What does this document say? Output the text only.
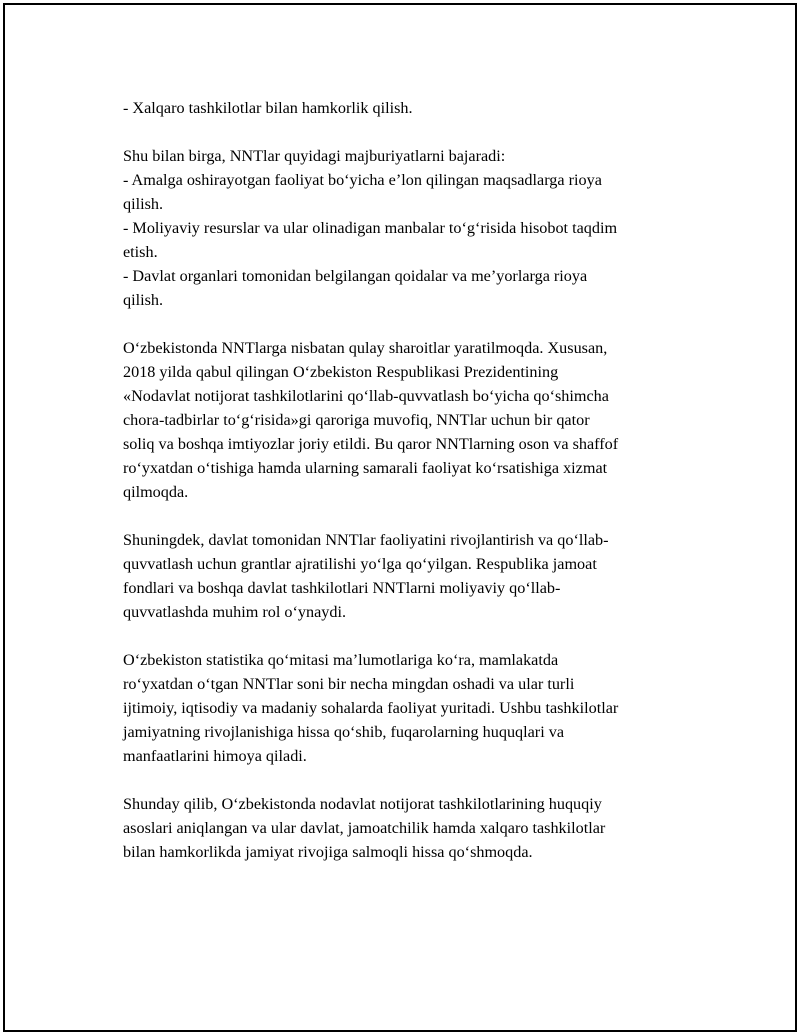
- Xalqaro tashkilotlar bilan hamkorlik qilish.
Shu bilan birga, NNTlar quyidagi majburiyatlarni bajaradi:
- Amalga oshirayotgan faoliyat bo‘yicha e’lon qilingan maqsadlarga rioya
qilish.
- Moliyaviy resurslar va ular olinadigan manbalar to‘g‘risida hisobot taqdim
etish.
- Davlat organlari tomonidan belgilangan qoidalar va me’yorlarga rioya
qilish.
O‘zbekistonda NNTlarga nisbatan qulay sharoitlar yaratilmoqda. Xususan,
2018 yilda qabul qilingan O‘zbekiston Respublikasi Prezidentining
«Nodavlat notijorat tashkilotlarini qo‘llab-quvvatlash bo‘yicha qo‘shimcha
chora-tadbirlar to‘g‘risida»gi qaroriga muvofiq, NNTlar uchun bir qator
soliq va boshqa imtiyozlar joriy etildi. Bu qaror NNTlarning oson va shaffof
ro‘yxatdan o‘tishiga hamda ularning samarali faoliyat ko‘rsatishiga xizmat
qilmoqda.
Shuningdek, davlat tomonidan NNTlar faoliyatini rivojlantirish va qo‘llab-
quvvatlash uchun grantlar ajratilishi yo‘lga qo‘yilgan. Respublika jamoat
fondlari va boshqa davlat tashkilotlari NNTlarni moliyaviy qo‘llab-
quvvatlashda muhim rol o‘ynaydi.
O‘zbekiston statistika qo‘mitasi ma’lumotlariga ko‘ra, mamlakatda
ro‘yxatdan o‘tgan NNTlar soni bir necha mingdan oshadi va ular turli
ijtimoiy, iqtisodiy va madaniy sohalarda faoliyat yuritadi. Ushbu tashkilotlar
jamiyatning rivojlanishiga hissa qo‘shib, fuqarolarning huquqlari va
manfaatlarini himoya qiladi.
Shunday qilib, O‘zbekistonda nodavlat notijorat tashkilotlarining huquqiy
asoslari aniqlangan va ular davlat, jamoatchilik hamda xalqaro tashkilotlar
bilan hamkorlikda jamiyat rivojiga salmoqli hissa qo‘shmoqda.
